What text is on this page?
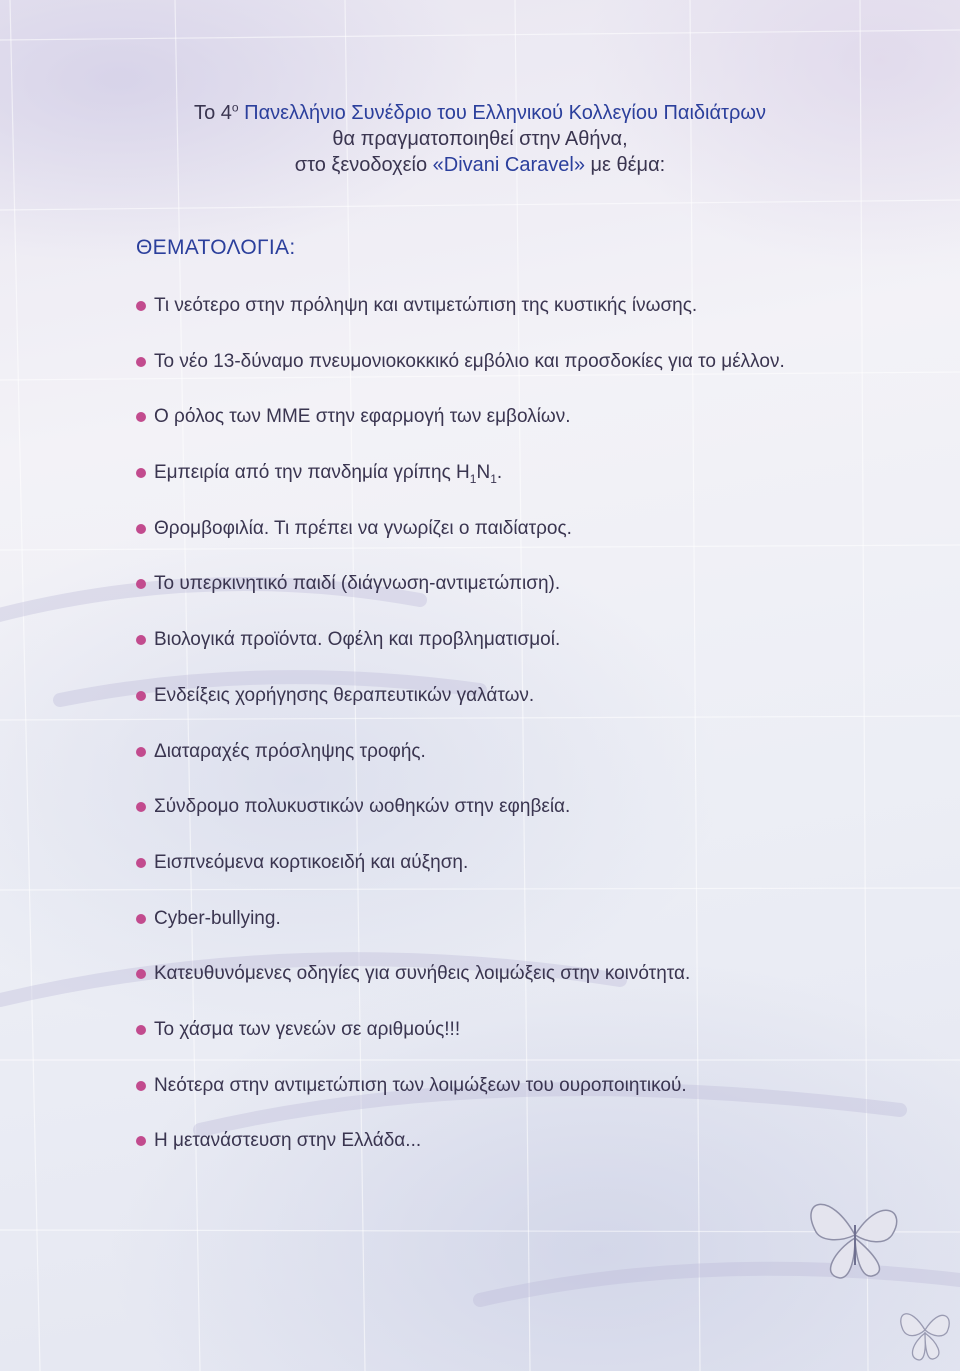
Το $4^o$ Πανελλήνιο Συνέδριο του Ελληνικού Κολλεγίου Παιδιάτρων
θα πραγματοποιηθεί στην Αθήνα,
στο ξενοδοχείο «Divani Caravel» με θέμα:
ΘΕΜΑΤΟΛΟΓΙΑ:
Τι νεότερο στην πρόληψη και αντιμετώπιση της κυστικής ίνωσης.
Το νέο 13-δύναμο πνευμονιοκοκκικό εμβόλιο και προσδοκίες για το μέλλον.
Ο ρόλος των ΜΜΕ στην εφαρμογή των εμβολίων.
Εμπειρία από την πανδημία γρίπης $H_1N_1$.
Θρομβοφιλία. Τι πρέπει να γνωρίζει ο παιδίατρος.
Το υπερκινητικό παιδί (διάγνωση-αντιμετώπιση).
Βιολογικά προϊόντα. Οφέλη και προβληματισμοί.
Ενδείξεις χορήγησης θεραπευτικών γαλάτων.
Διαταραχές πρόσληψης τροφής.
Σύνδρομο πολυκυστικών ωοθηκών στην εφηβεία.
Εισπνεόμενα κορτικοειδή και αύξηση.
Cyber-bullying.
Κατευθυνόμενες οδηγίες για συνήθεις λοιμώξεις στην κοινότητα.
Το χάσμα των γενεών σε αριθμούς!!!
Νεότερα στην αντιμετώπιση των λοιμώξεων του ουροποιητικού.
Η μετανάστευση στην Ελλάδα...
